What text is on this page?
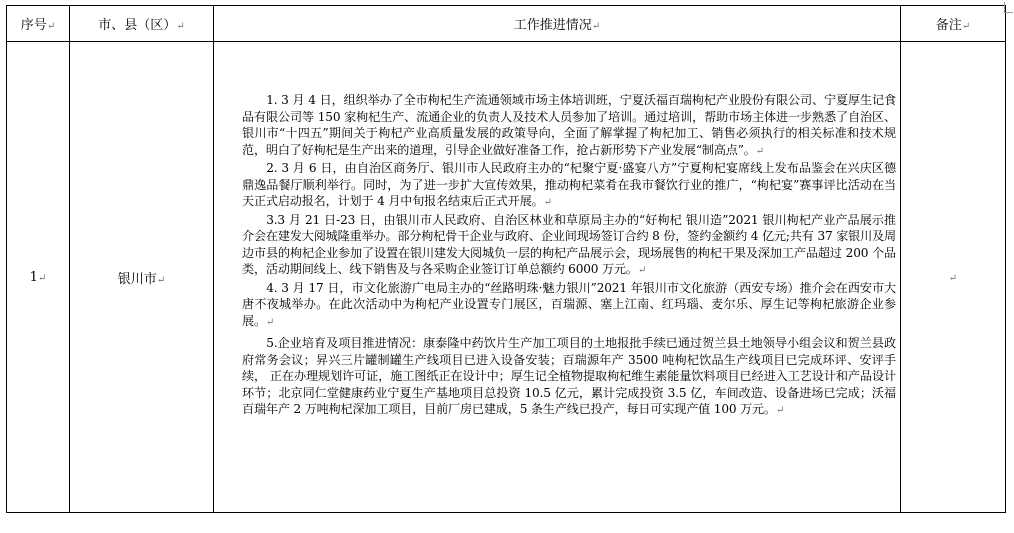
序号↵	市、县（区）↵	工作推进情况↵	备注↵
1↵	银川市↵	1. 3 月 4 日，组织举办了全市枸杞生产流通领域市场主体培训班，宁夏沃福百瑞枸杞产业股份有限公司、宁夏厚生记食品有限公司等 150 家枸杞生产、流通企业的负责人及技术人员参加了培训。通过培训，帮助市场主体进一步熟悉了自治区、银川市“十四五”期间关于枸杞产业高质量发展的政策导向，全面了解掌握了枸杞加工、销售必须执行的相关标准和技术规范，明白了好枸杞是生产出来的道理，引导企业做好准备工作，抢占新形势下产业发展“制高点”。↵

2. 3 月 6 日，由自治区商务厅、银川市人民政府主办的“杞聚宁夏·盛宴八方”宁夏枸杞宴席线上发布品鉴会在兴庆区德鼎逸品餐厅顺利举行。同时，为了进一步扩大宣传效果，推动枸杞菜肴在我市餐饮行业的推广，“枸杞宴”赛事评比活动在当天正式启动报名，计划于 4 月中旬报名结束后正式开展。↵

3.3 月 21 日-23 日，由银川市人民政府、自治区林业和草原局主办的“好枸杞 银川造”2021 银川枸杞产业产品展示推介会在建发大阅城隆重举办。部分枸杞骨干企业与政府、企业间现场签订合约 8 份，签约金额约 4 亿元;共有 37 家银川及周边市县的枸杞企业参加了设置在银川建发大阅城负一层的枸杞产品展示会，现场展售的枸杞干果及深加工产品超过 200 个品类，活动期间线上、线下销售及与各采购企业签订订单总额约 6000 万元。↵

4. 3 月 17 日，市文化旅游广电局主办的“丝路明珠·魅力银川”2021 年银川市文化旅游（西安专场）推介会在西安市大唐不夜城举办。在此次活动中为枸杞产业设置专门展区，百瑞源、塞上江南、红玛瑙、麦尔乐、厚生记等枸杞旅游企业参展。↵

5.企业培育及项目推进情况：康泰隆中药饮片生产加工项目的土地报批手续已通过贺兰县土地领导小组会议和贺兰县政府常务会议；昇兴三片罐制罐生产线项目已进入设备安装；百瑞源年产 3500 吨枸杞饮品生产线项目已完成环评、安评手续， 正在办理规划许可证，施工图纸正在设计中；厚生记全植物提取枸杞维生素能量饮料项目已经进入工艺设计和产品设计环节；北京同仁堂健康药业宁夏生产基地项目总投资 10.5 亿元，累计完成投资 3.5 亿，车间改造、设备进场已完成；沃福百瑞年产 2 万吨枸杞深加工项目，目前厂房已建成，5 条生产线已投产，每日可实现产值 100 万元。↵	↵
